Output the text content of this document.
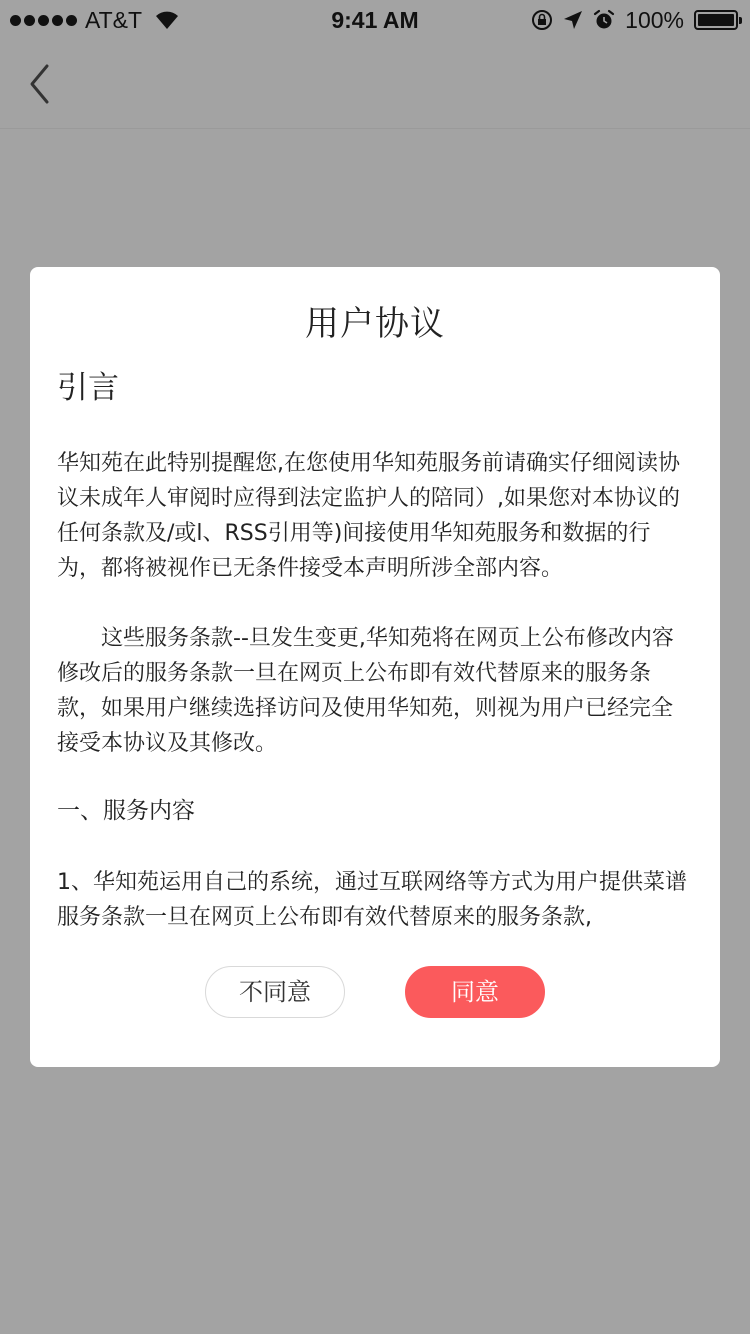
AT&T	9:41 AM	100%
用户协议
引言

华知苑在此特别提醒您,在您使用华知苑服务前请确实仔细阅读协议未成年人审阅时应得到法定监护人的陪同）,如果您对本协议的任何条款及/或l、RSS引用等)间接使用华知苑服务和数据的行为，都将被视作已无条件接受本声明所涉全部内容。

这些服务条款--旦发生变更,华知苑将在网页上公布修改内容修改后的服务条款一旦在网页上公布即有效代替原来的服务条款，如果用户继续选择访问及使用华知苑，则视为用户已经完全接受本协议及其修改。

一、服务内容

1、华知苑运用自己的系统，通过互联网络等方式为用户提供菜谱服务条款一旦在网页上公布即有效代替原来的服务条款,

不同意	同意
